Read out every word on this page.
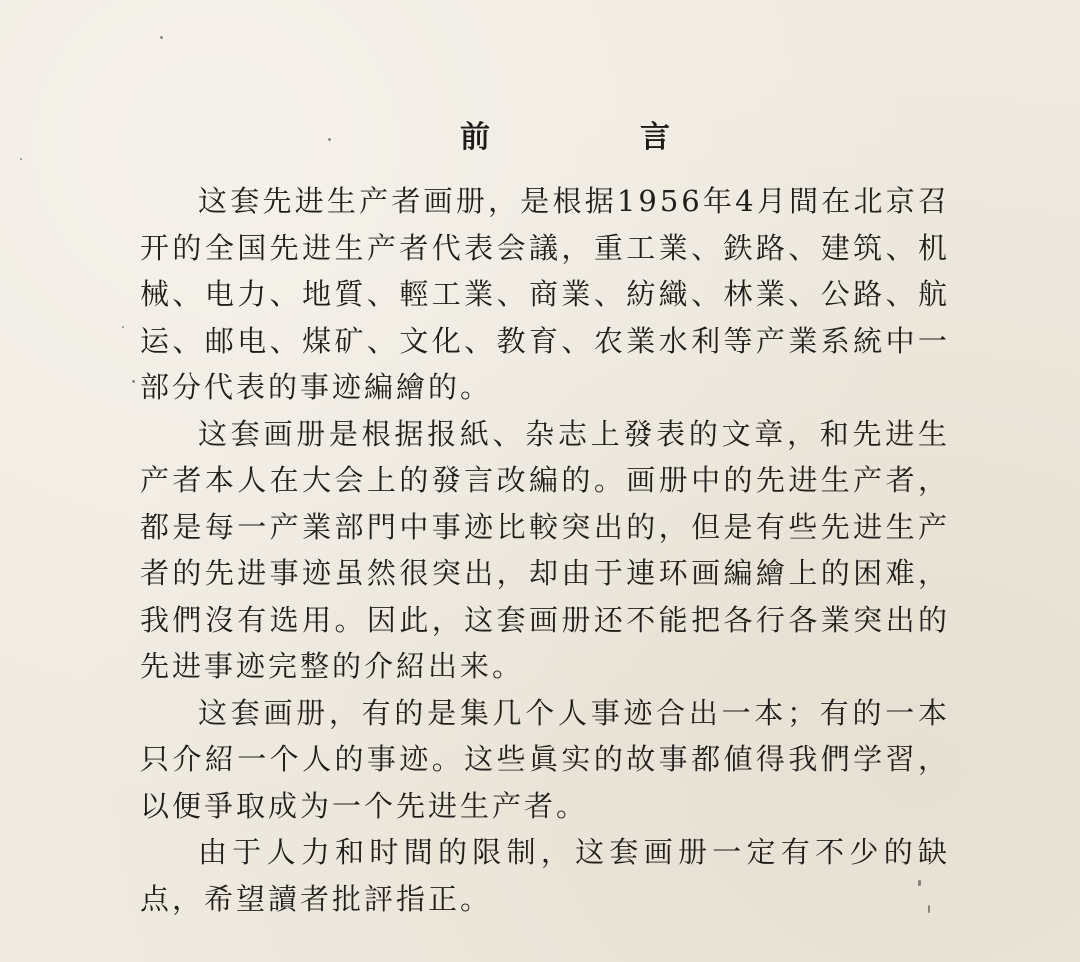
前	言

这套先进生产者画册，是根据1956年4月間在北京召开的全国先进生产者代表会議，重工業、鉄路、建筑、机械、电力、地質、輕工業、商業、紡織、林業、公路、航运、邮电、煤矿、文化、教育、农業水利等产業系統中一部分代表的事迹編繪的。

这套画册是根据报紙、杂志上發表的文章，和先进生产者本人在大会上的發言改編的。画册中的先进生产者，都是每一产業部門中事迹比較突出的，但是有些先进生产者的先进事迹虽然很突出，却由于連环画編繪上的困难，我們沒有选用。因此，这套画册还不能把各行各業突出的先进事迹完整的介紹出来。

这套画册，有的是集几个人事迹合出一本；有的一本只介紹一个人的事迹。这些眞实的故事都値得我們学習，以便爭取成为一个先进生产者。

由于人力和时間的限制，这套画册一定有不少的缺点，希望讀者批評指正。
